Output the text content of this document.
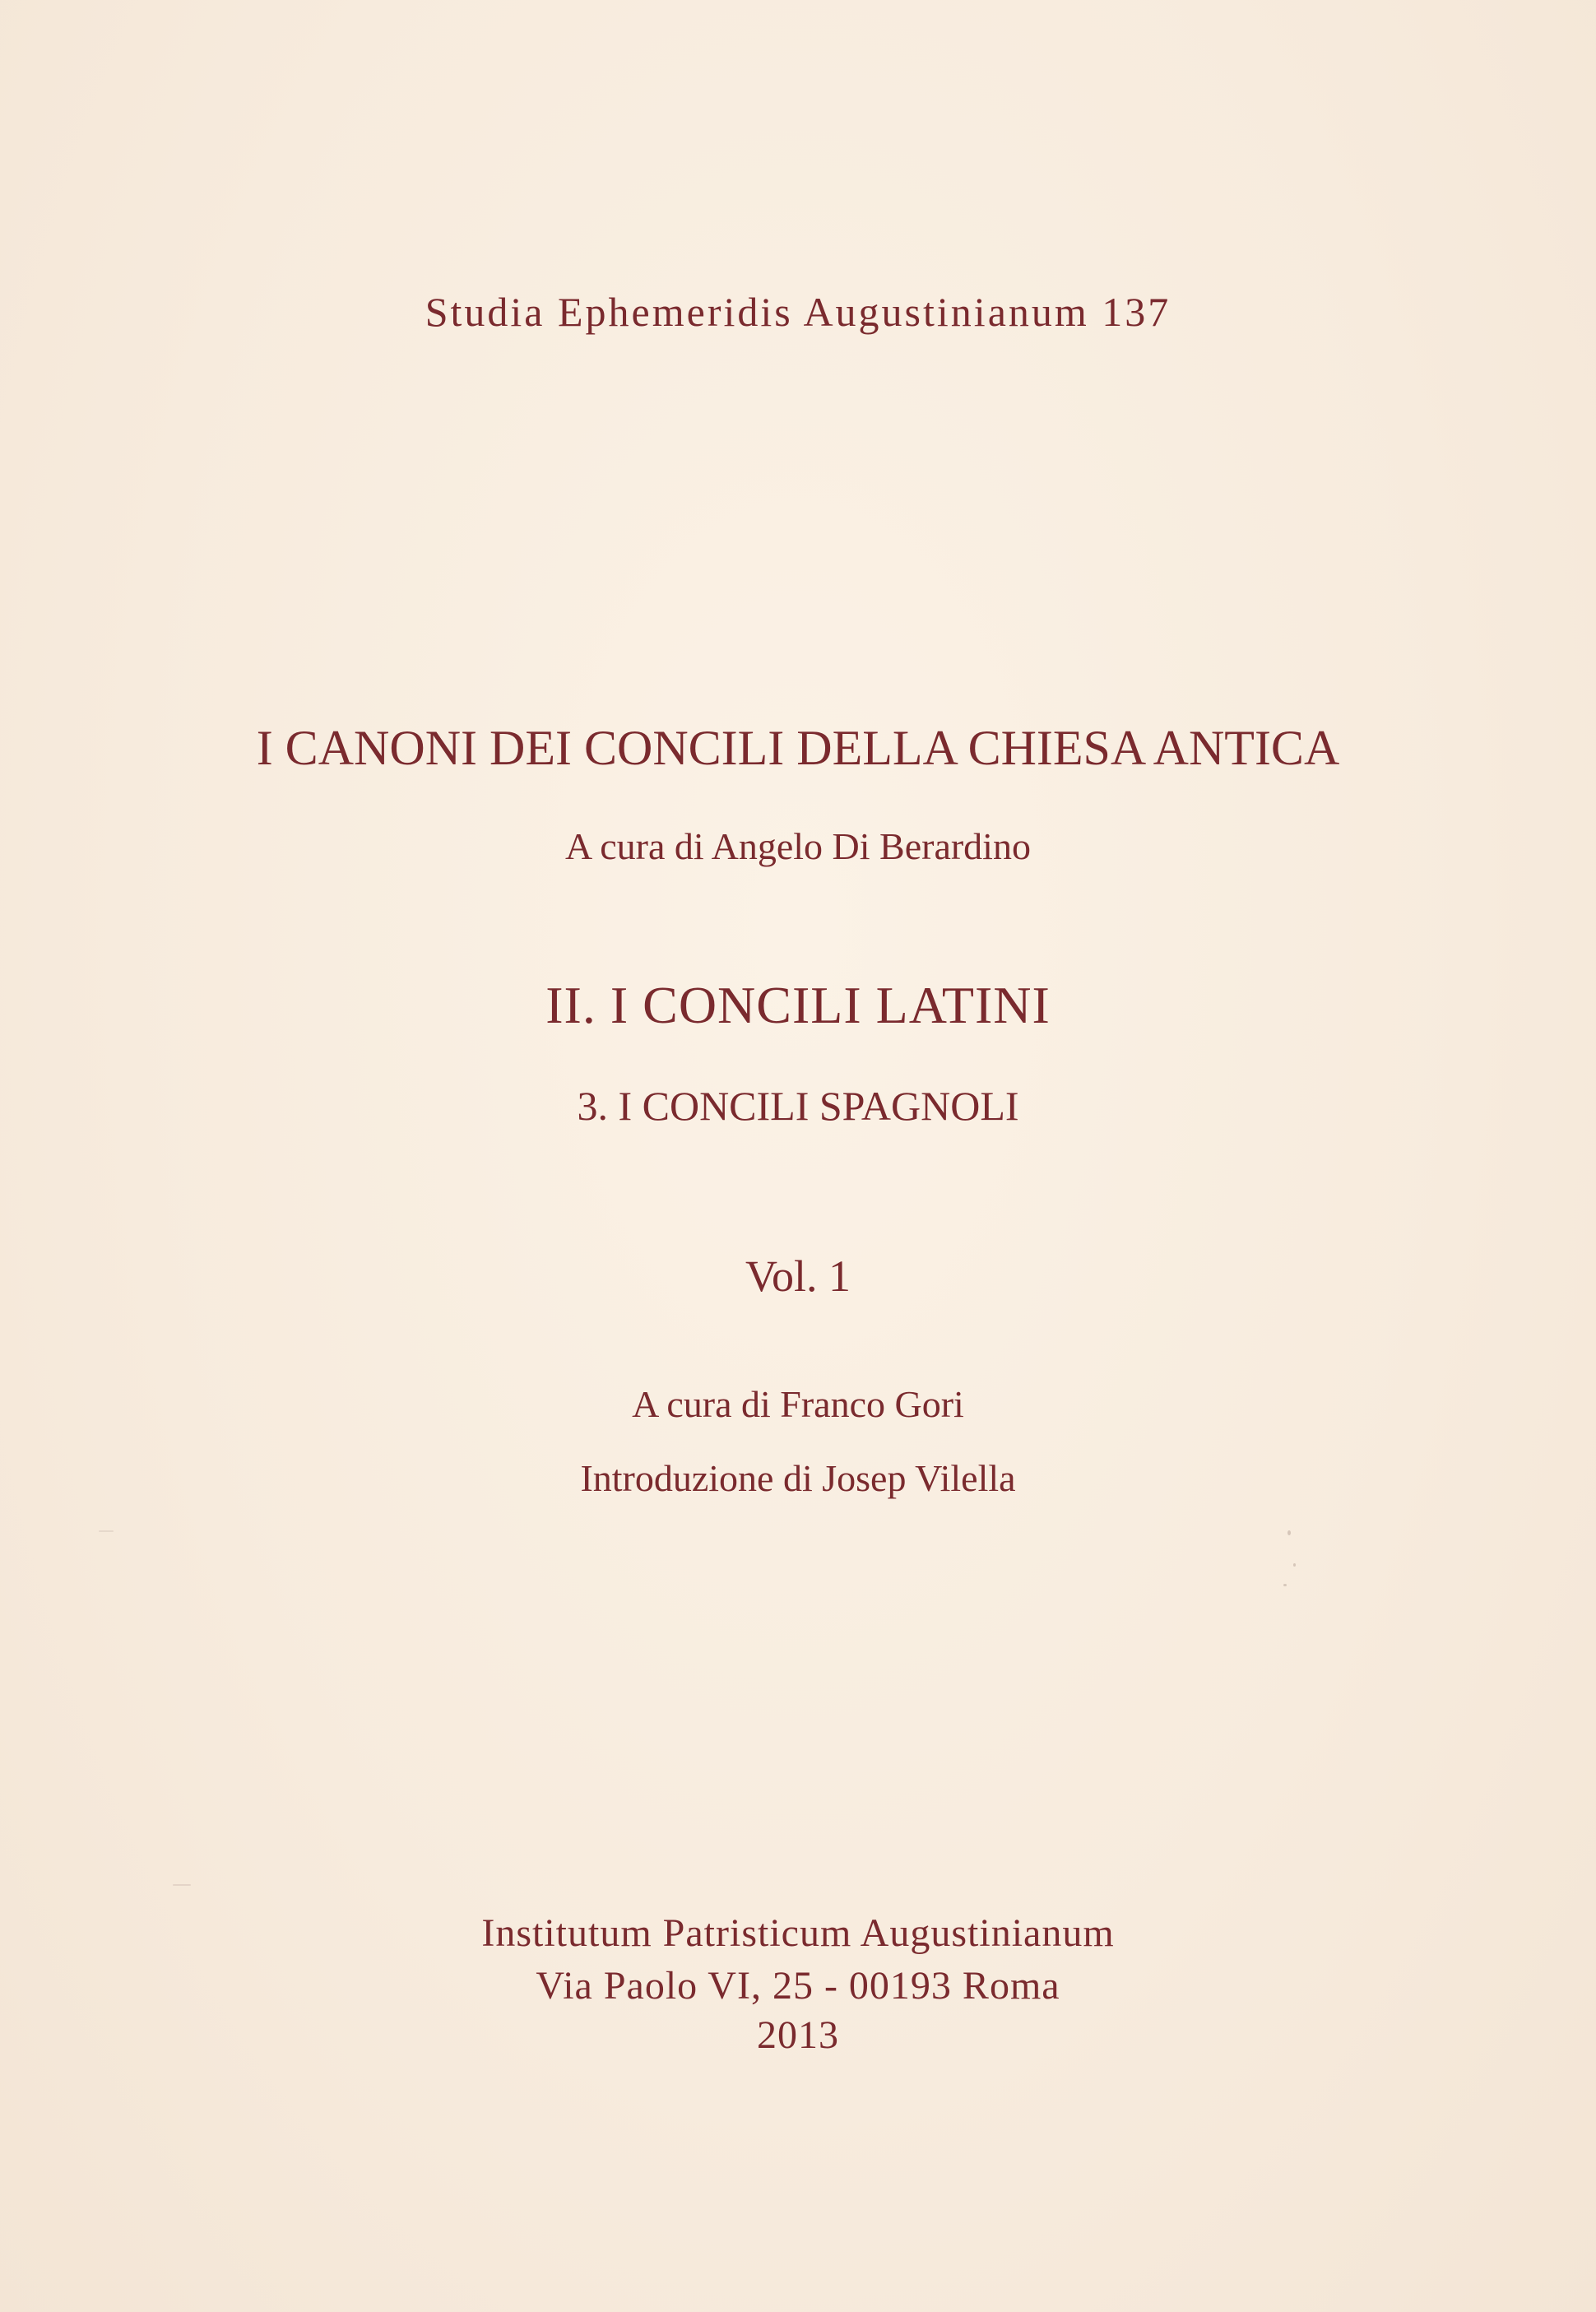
Studia Ephemeridis Augustinianum 137
I CANONI DEI CONCILI DELLA CHIESA ANTICA
A cura di Angelo Di Berardino
II. I CONCILI LATINI
3. I CONCILI SPAGNOLI
Vol. 1
A cura di Franco Gori
Introduzione di Josep Vilella
Institutum Patristicum Augustinianum
Via Paolo VI, 25 - 00193 Roma
2013
